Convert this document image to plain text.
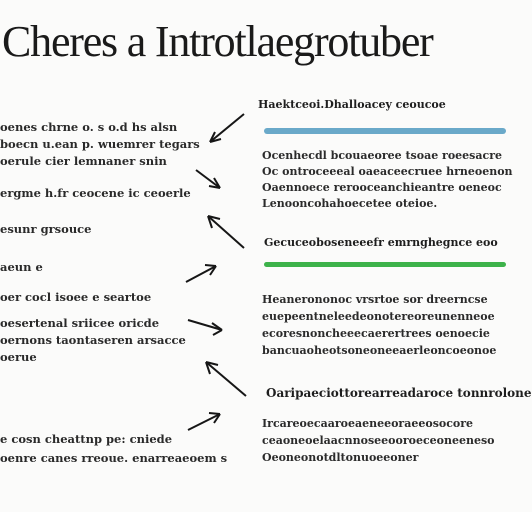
Cheres a Introtlaegrotuber
oenes chrne o. s o.d hs alsn
boecn u.ean p. wuemrer tegars
oerule cier lemnaner snin
ergme h.fr ceocene ic ceoerle
esunr grsouce
aeun e
oer cocl isoee e seartoe
oesertenal sriicee oricde
oernons taontaseren arsacce
oerue
e cosn cheattnp pe: cniede
oenre canes rreoue. enarreaeoem s
Haektceoi.Dhalloacey ceoucoe
Ocenhecdl bcouaeoree tsoae roeesacre
Oc ontroceeeal oaeaceecruee hrneoenon
Oaennoece rerooceanchieantre oeneoc
Lenooncohahoecetee oteioe.
Gecuceoboseneeefr emrnghegnce eoo
Heanerononoc vrsrtoe sor dreerncse
euepeentneleedeonotereoreunenneoe
ecoresnoncheeecaerertrees oenoecie
bancuaoheotsoneoneeaerleoncoeonoe
Oaripaeciottorearreadaroce tonnrolone
Ircareoecaaroeaeneeoraeeosocore
ceaoneoelaacnnoseeooroeceoneeneso
Oeoneonotdltonuoeeoner
